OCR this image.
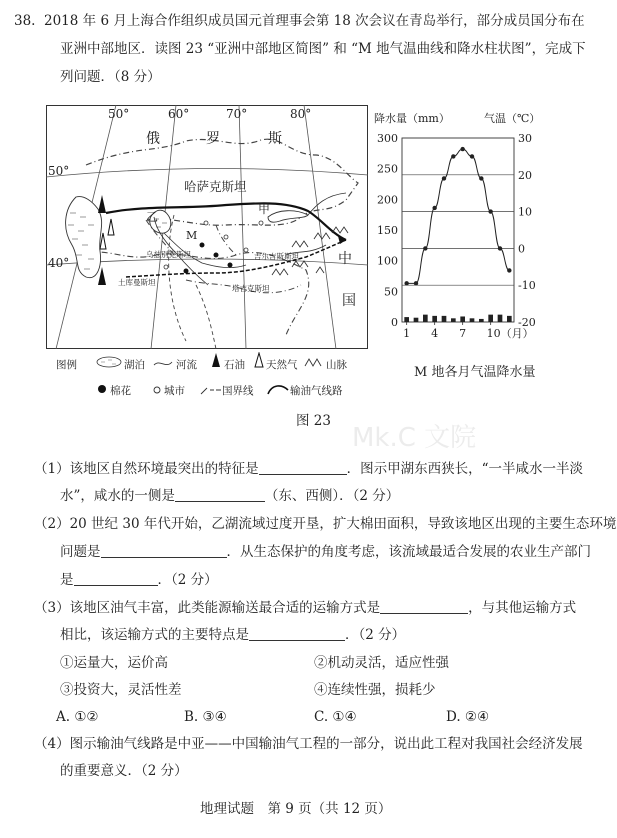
38. 2018 年 6 月上海合作组织成员国元首理事会第 18 次会议在青岛举行，部分成员国分布在
亚洲中部地区．读图 23 “亚洲中部地区简图” 和 “M 地气温曲线和降水柱状图”，完成下
列问题．（8 分）
50°	60°	70°	80°
50°
40°
俄	罗	斯
哈萨克斯坦
乙
甲
M
中
国
土库曼斯坦
乌兹别克斯坦	吉尔吉斯斯坦
塔吉克斯坦
图例	湖泊	河流	石油 天然气	山脉
棉花	城市	国界线	输油气线路
降水量（mm）	气温（℃）
300
250
200
150
100
50
0
30
20
10
0
-10
-20
1 4 7 10（月）
M 地各月气温降水量
图 23
Mk.C 文院
（1）该地区自然环境最突出的特征是	．图示甲湖东西狭长，“一半咸水一半淡
水”，咸水的一侧是	（东、西侧）．（2 分）
（2）20 世纪 30 年代开始，乙湖流域过度开垦，扩大棉田面积，导致该地区出现的主要生态环境
问题是	．从生态保护的角度考虑，该流域最适合发展的农业生产部门
是	．（2 分）
（3）该地区油气丰富，此类能源输送最合适的运输方式是	，与其他运输方式
相比，该运输方式的主要特点是	．（2 分）
①运量大，运价高	②机动灵活，适应性强
③投资大，灵活性差	④连续性强，损耗少
A. ①②	B. ③④	C. ①④	D. ②④
（4）图示输油气线路是中亚——中国输油气工程的一部分，说出此工程对我国社会经济发展
的重要意义．（2 分）
地理试题　第 9 页（共 12 页）
